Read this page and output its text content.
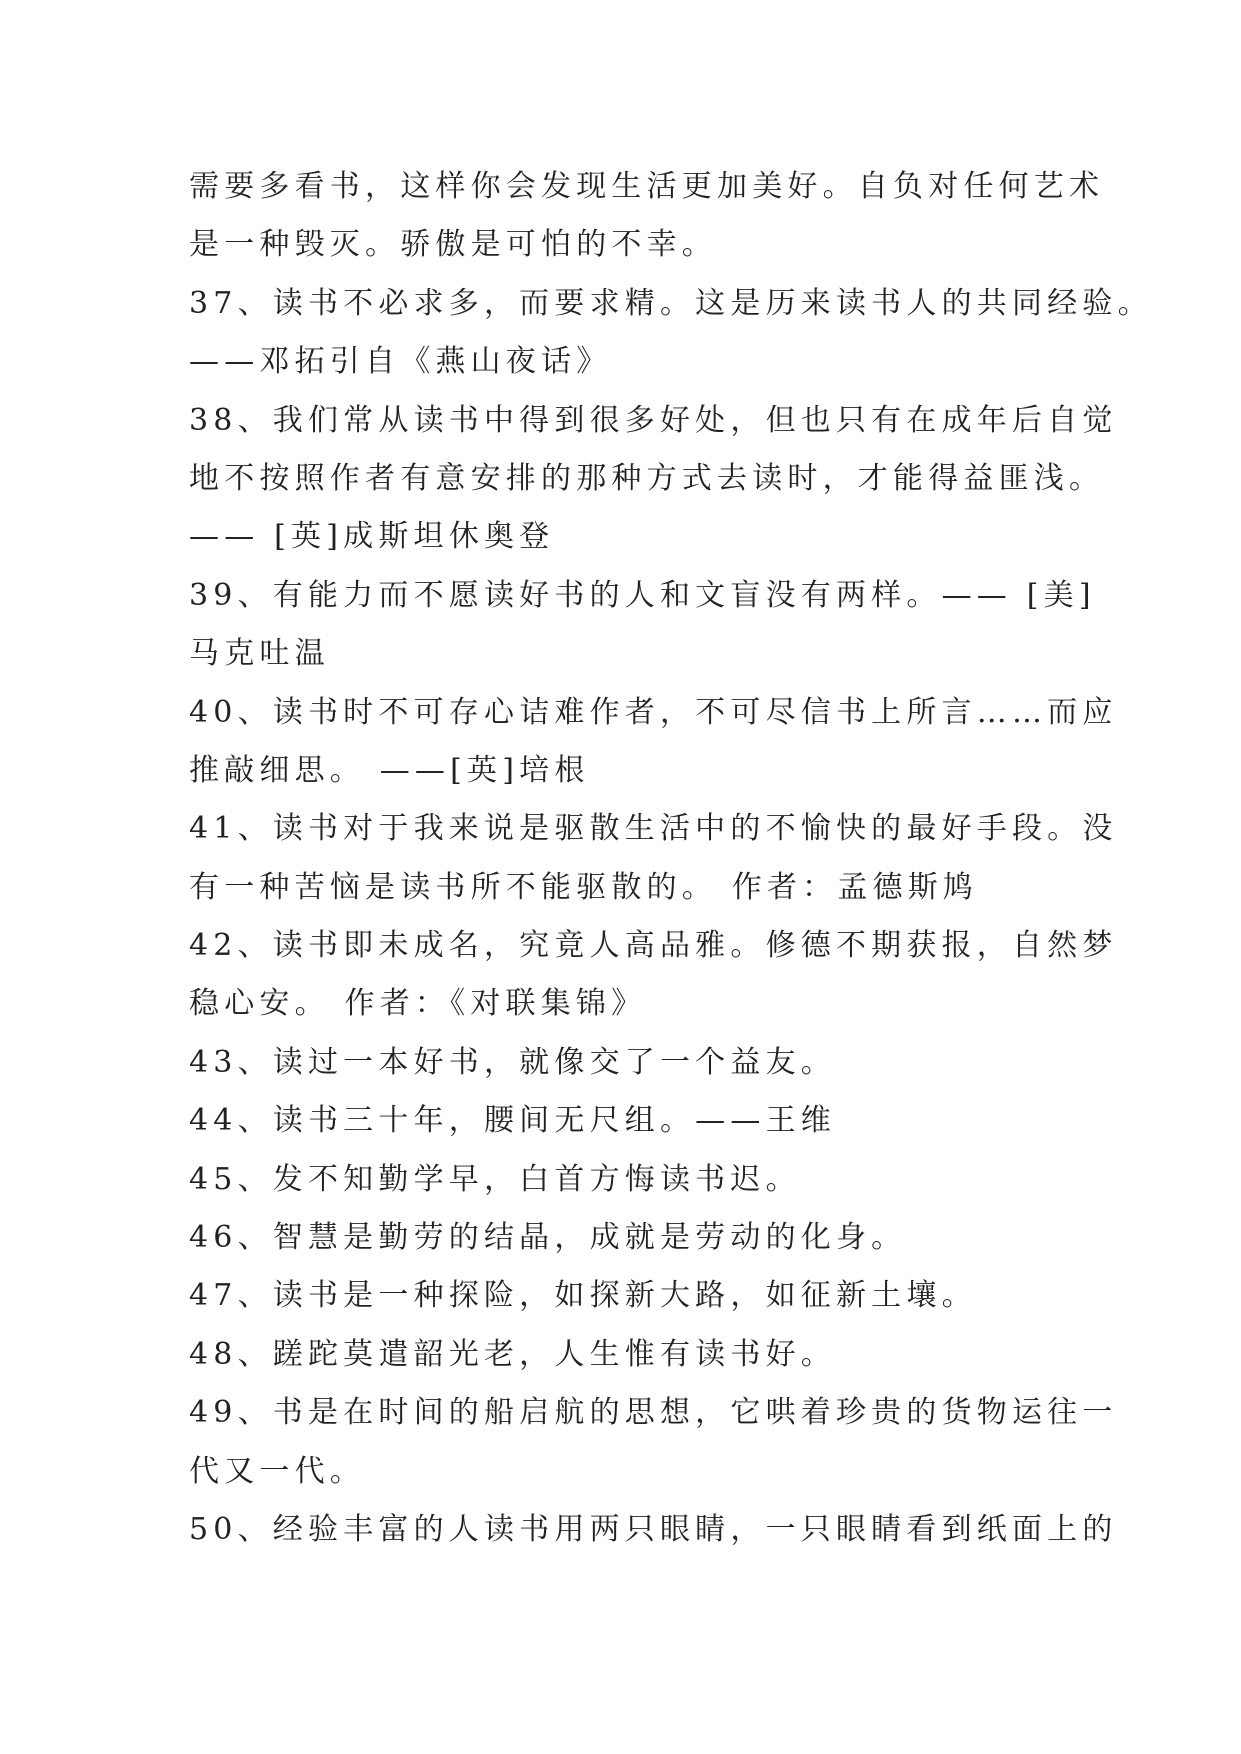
需要多看书，这样你会发现生活更加美好。自负对任何艺术
是一种毁灭。骄傲是可怕的不幸。
37、读书不必求多，而要求精。这是历来读书人的共同经验。
——邓拓引自《燕山夜话》
38、我们常从读书中得到很多好处，但也只有在成年后自觉
地不按照作者有意安排的那种方式去读时，才能得益匪浅。
—— [英]成斯坦休奥登
39、有能力而不愿读好书的人和文盲没有两样。—— [美]
马克吐温
40、读书时不可存心诘难作者，不可尽信书上所言……而应
推敲细思。 ——[英]培根
41、读书对于我来说是驱散生活中的不愉快的最好手段。没
有一种苦恼是读书所不能驱散的。 作者：孟德斯鸠
42、读书即未成名，究竟人高品雅。修德不期获报，自然梦
稳心安。 作者：《对联集锦》
43、读过一本好书，就像交了一个益友。
44、读书三十年，腰间无尺组。——王维
45、发不知勤学早，白首方悔读书迟。
46、智慧是勤劳的结晶，成就是劳动的化身。
47、读书是一种探险，如探新大路，如征新土壤。
48、蹉跎莫遣韶光老，人生惟有读书好。
49、书是在时间的船启航的思想，它哄着珍贵的货物运往一
代又一代。
50、经验丰富的人读书用两只眼睛，一只眼睛看到纸面上的
